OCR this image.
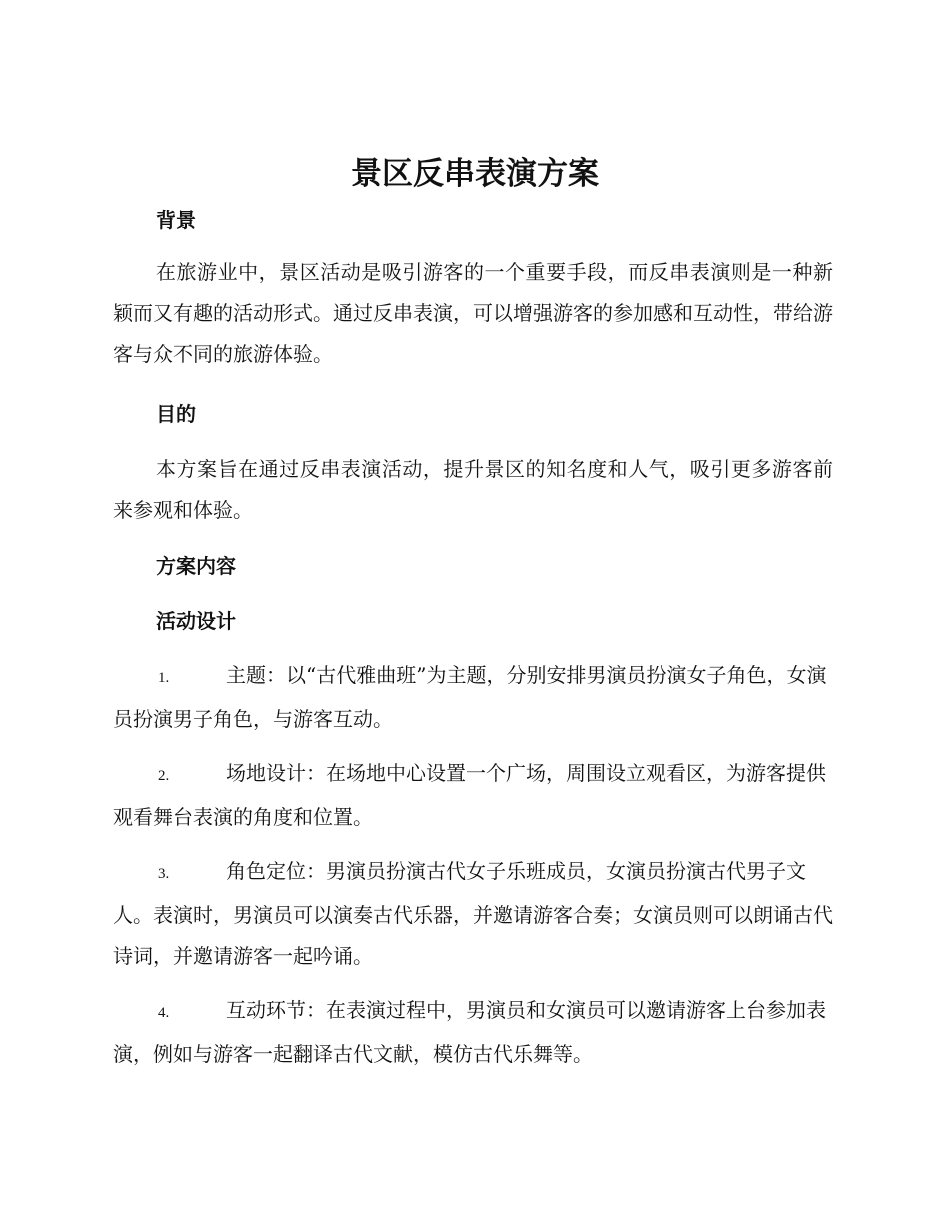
景区反串表演方案
背景

在旅游业中，景区活动是吸引游客的一个重要手段，而反串表演则是一种新颖而又有趣的活动形式。通过反串表演，可以增强游客的参加感和互动性，带给游客与众不同的旅游体验。

目的

本方案旨在通过反串表演活动，提升景区的知名度和人气，吸引更多游客前来参观和体验。

方案内容
活动设计

1.	主题：以“古代雅曲班”为主题，分别安排男演员扮演女子角色，女演员扮演男子角色，与游客互动。

2.	场地设计：在场地中心设置一个广场，周围设立观看区，为游客提供观看舞台表演的角度和位置。

3.	角色定位：男演员扮演古代女子乐班成员，女演员扮演古代男子文人。表演时，男演员可以演奏古代乐器，并邀请游客合奏；女演员则可以朗诵古代诗词，并邀请游客一起吟诵。

4.	互动环节：在表演过程中，男演员和女演员可以邀请游客上台参加表演，例如与游客一起翻译古代文献，模仿古代乐舞等。
